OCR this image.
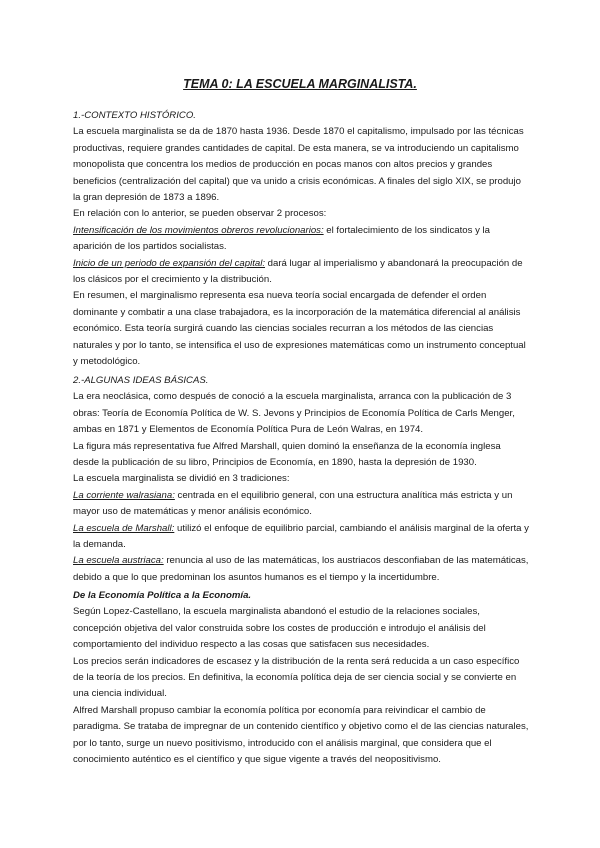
TEMA 0: LA ESCUELA MARGINALISTA.

1.-CONTEXTO HISTÓRICO.

La escuela marginalista se da de 1870 hasta 1936. Desde 1870 el capitalismo, impulsado por las técnicas productivas, requiere grandes cantidades de capital. De esta manera, se va introduciendo un capitalismo monopolista que concentra los medios de producción en pocas manos con altos precios y grandes beneficios (centralización del capital) que va unido a crisis económicas. A finales del siglo XIX, se produjo la gran depresión de 1873 a 1896.

En relación con lo anterior, se pueden observar 2 procesos:

Intensificación de los movimientos obreros revolucionarios: el fortalecimiento de los sindicatos y la aparición de los partidos socialistas.

Inicio de un periodo de expansión del capital: dará lugar al imperialismo y abandonará la preocupación de los clásicos por el crecimiento y la distribución.

En resumen, el marginalismo representa esa nueva teoría social encargada de defender el orden dominante y combatir a una clase trabajadora, es la incorporación de la matemática diferencial al análisis económico. Esta teoría surgirá cuando las ciencias sociales recurran a los métodos de las ciencias naturales y por lo tanto, se intensifica el uso de expresiones matemáticas como un instrumento conceptual y metodológico.

2.-ALGUNAS IDEAS BÁSICAS.

La era neoclásica, como después de conoció a la escuela marginalista, arranca con la publicación de 3 obras: Teoría de Economía Política de W. S. Jevons y Principios de Economía Política de Carls Menger, ambas en 1871 y Elementos de Economía Política Pura de León Walras, en 1974.

La figura más representativa fue Alfred Marshall, quien dominó la enseñanza de la economía inglesa desde la publicación de su libro, Principios de Economía, en 1890, hasta la depresión de 1930.

La escuela marginalista se dividió en 3 tradiciones:

La corriente walrasiana: centrada en el equilibrio general, con una estructura analítica más estricta y un mayor uso de matemáticas y menor análisis económico.

La escuela de Marshall: utilizó el enfoque de equilibrio parcial, cambiando el análisis marginal de la oferta y la demanda.

La escuela austriaca: renuncia al uso de las matemáticas, los austriacos desconfiaban de las matemáticas, debido a que lo que predominan los asuntos humanos es el tiempo y la incertidumbre.

De la Economía Política a la Economía.

Según Lopez-Castellano, la escuela marginalista abandonó el estudio de la relaciones sociales, concepción objetiva del valor construida sobre los costes de producción e introdujo el análisis del comportamiento del individuo respecto a las cosas que satisfacen sus necesidades.

Los precios serán indicadores de escasez y la distribución de la renta será reducida a un caso específico de la teoría de los precios. En definitiva, la economía política deja de ser ciencia social y se convierte en una ciencia individual.

Alfred Marshall propuso cambiar la economía política por economía para reivindicar el cambio de paradigma. Se trataba de impregnar de un contenido científico y objetivo como el de las ciencias naturales, por lo tanto, surge un nuevo positivismo, introducido con el análisis marginal, que considera que el conocimiento auténtico es el científico y que sigue vigente a través del neopositivismo.
